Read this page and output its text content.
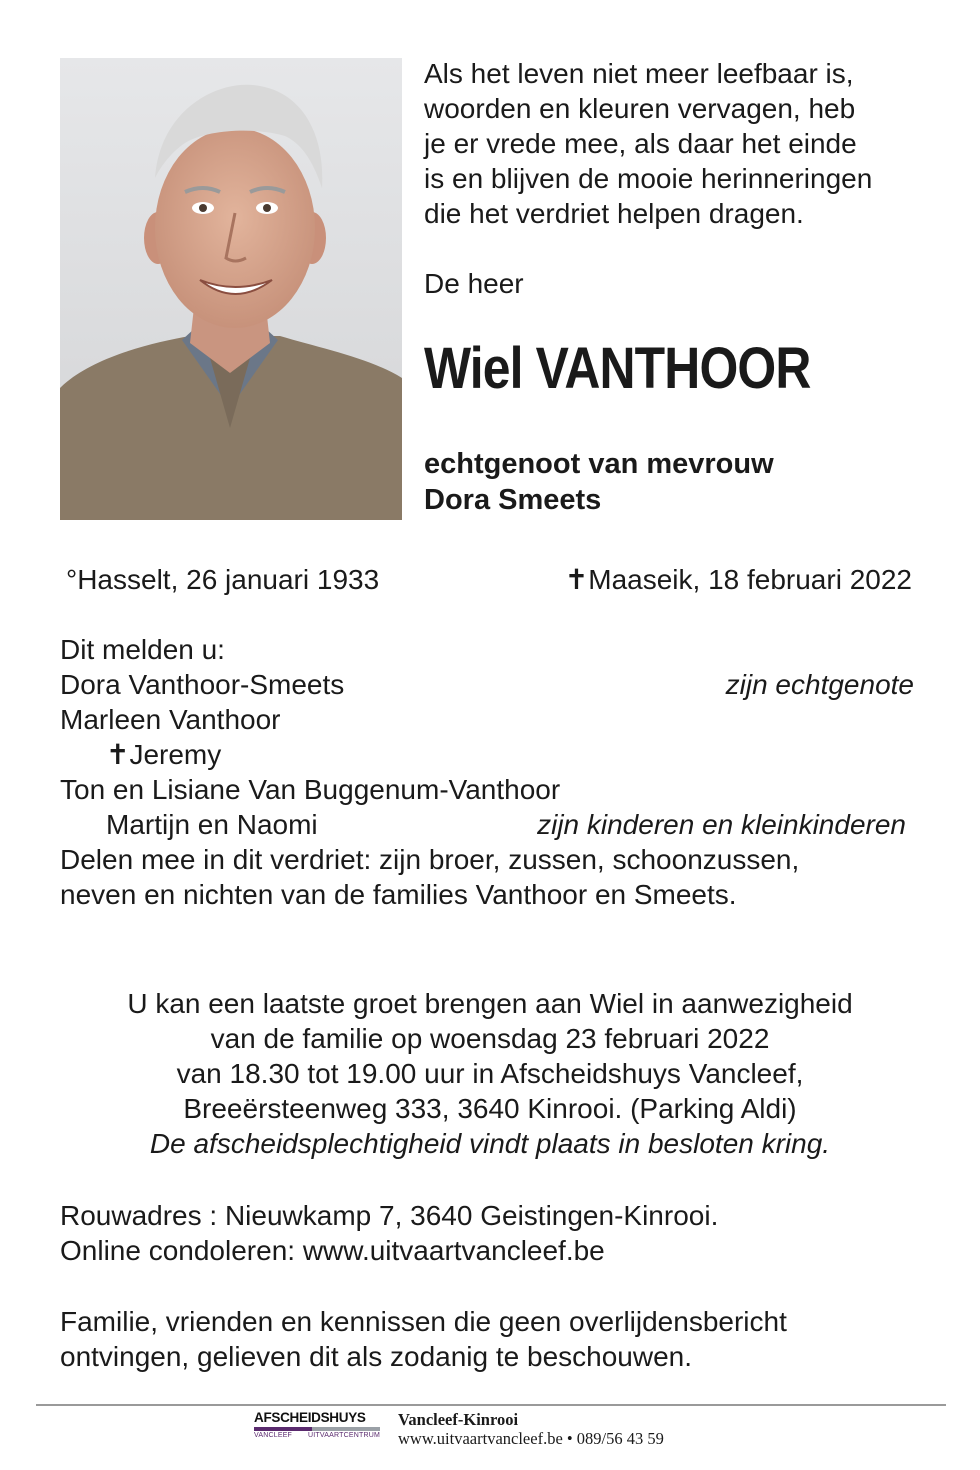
Als het leven niet meer leefbaar is,
woorden en kleuren vervagen, heb
je er vrede mee, als daar het einde
is en blijven de mooie herinneringen
die het verdriet helpen dragen.
De heer
Wiel VANTHOOR
echtgenoot van mevrouw
Dora Smeets
°Hasselt, 26 januari 1933	✝Maaseik, 18 februari 2022
Dit melden u:
Dora Vanthoor-Smeets	zijn echtgenote
Marleen Vanthoor
✝Jeremy
Ton en Lisiane Van Buggenum-Vanthoor
Martijn en Naomi	zijn kinderen en kleinkinderen
Delen mee in dit verdriet: zijn broer, zussen, schoonzussen,
neven en nichten van de families Vanthoor en Smeets.
U kan een laatste groet brengen aan Wiel in aanwezigheid
van de familie op woensdag 23 februari 2022
van 18.30 tot 19.00 uur in Afscheidshuys Vancleef,
Breeërsteenweg 333, 3640 Kinrooi. (Parking Aldi)
De afscheidsplechtigheid vindt plaats in besloten kring.
Rouwadres : Nieuwkamp 7, 3640 Geistingen-Kinrooi.
Online condoleren: www.uitvaartvancleef.be
Familie, vrienden en kennissen die geen overlijdensbericht
ontvingen, gelieven dit als zodanig te beschouwen.
AFSCHEIDSHUYS
VANCLEEF UITVAARTCENTRUM
Vancleef-Kinrooi
www.uitvaartvancleef.be • 089/56 43 59
